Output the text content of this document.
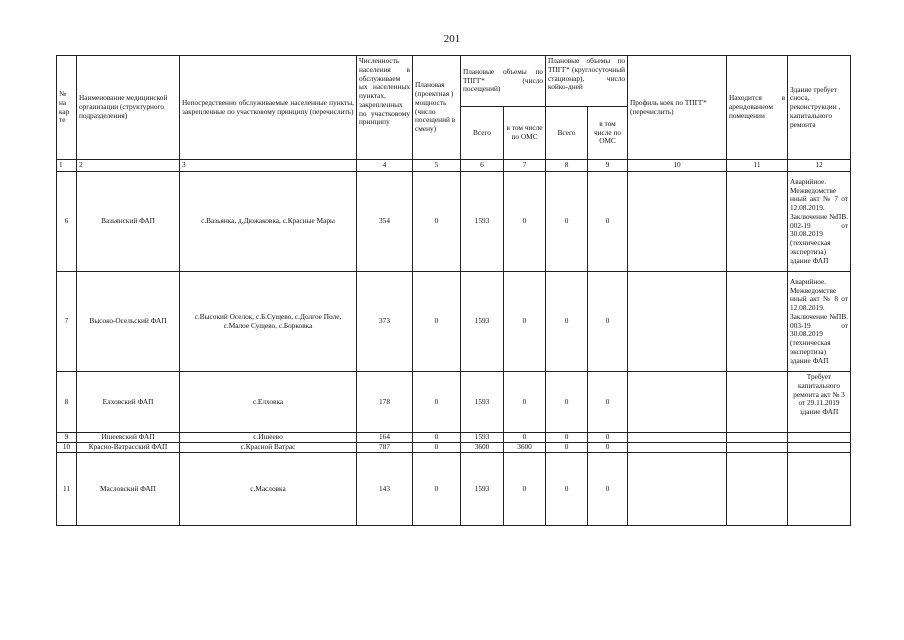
201
№ на кар те	Наименование медицинской организации (структурного подразделения)	Непосредственно обслуживаемые населенные пункты, закрепленные по участковому принципу (перечислить)	Численность населения в обслуживаем ых населенных пунктах, закрепленных по участковому принципу	Плановая (проектная ) мощность (число посещений в смену)	Плановые объемы по ТПГГ* (число посещений)		Плановые объемы по ТПГГ* (круглосуточный стационар), число койко-дней		Профиль коек по ТПГГ* (перечислить)	Находится в арендованном помещении	Здание требует сноса, реконструкции , капитального ремонта
					Всего	в том числе по ОМС	Всего	в том числе по ОМС			
1	2	3	4	5	6	7	8	9	10	11	12
6	Вазьянский ФАП	с.Вазьянка, д.Дюжаковка, с.Красные Мары	354	0	1593	0	0	0			Аварийное. Межведомстве нный акт № 7 от 12.08.2019. Заключение №ПВ. 002-19 от 30.08.2019 (техническая экспертиза) здание ФАП
7	Высоко-Осельский ФАП	с.Высокий Оселок, с.Б.Сущево, с.Долгое Поле, с.Малое Сущево, с.Борковка	373	0	1593	0	0	0			Аварийное. Межведомстве нный акт № 8 от 12.08.2019. Заключение №ПВ. 003-19 от 30.08.2019 (техническая экспертиза) здание ФАП
8	Елховский ФАП	с.Елховка	178	0	1593	0	0	0			Требует капитального ремонта акт № 3 от 29.11.2019 здание ФАП
9	Ишеевский ФАП	с.Ишеево	164	0	1593	0	0	0			
10	Красно-Ватрасский ФАП	с.Красной Ватрас	787	0	3600	3600	0	0			
11	Масловский ФАП	с.Масловка	143	0	1593	0	0	0			
